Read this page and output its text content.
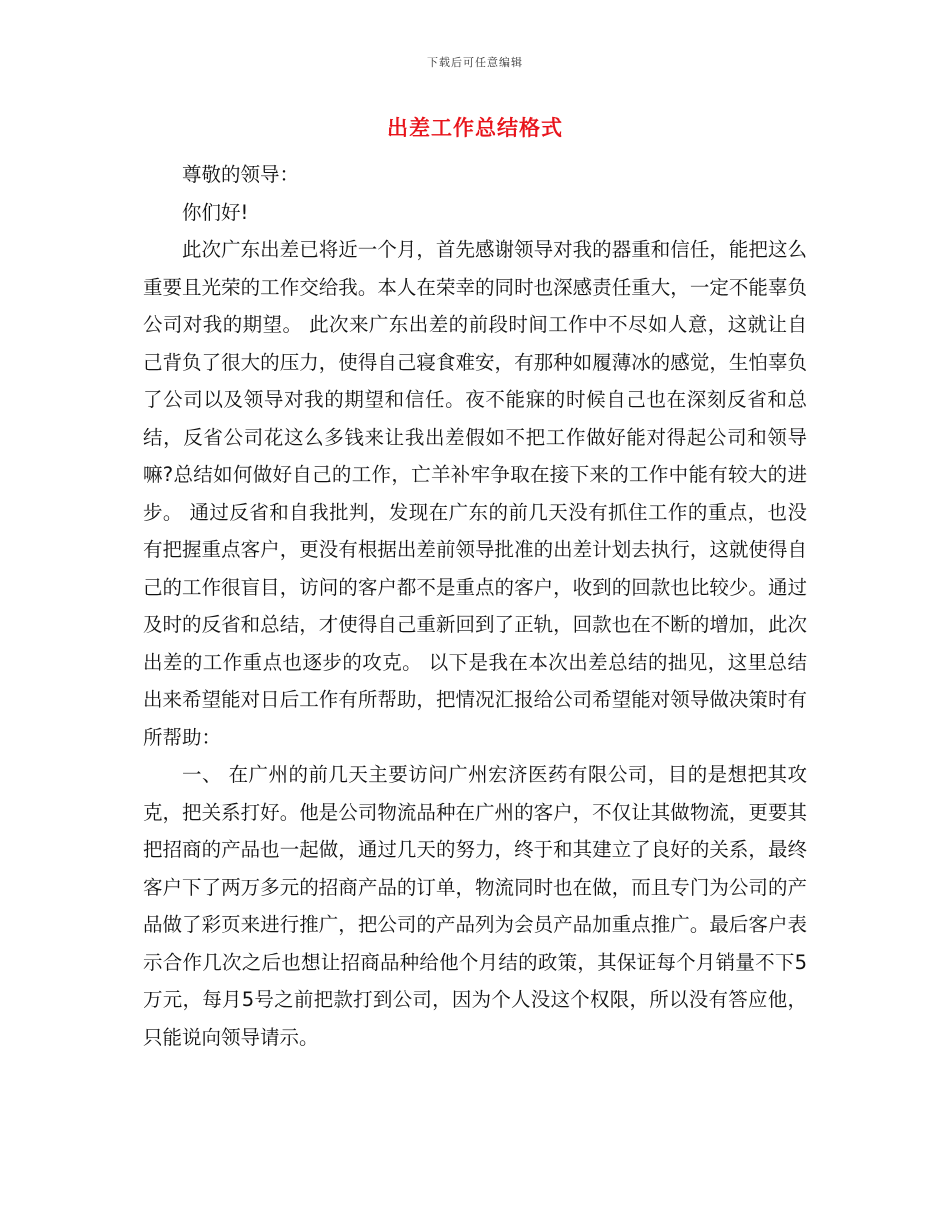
下载后可任意编辑
出差工作总结格式

尊敬的领导：

你们好!

此次广东出差已将近一个月，首先感谢领导对我的器重和信任，能把这么重要且光荣的工作交给我。本人在荣幸的同时也深感责任重大，一定不能辜负公司对我的期望。 此次来广东出差的前段时间工作中不尽如人意，这就让自己背负了很大的压力，使得自己寝食难安，有那种如履薄冰的感觉，生怕辜负了公司以及领导对我的期望和信任。夜不能寐的时候自己也在深刻反省和总结，反省公司花这么多钱来让我出差假如不把工作做好能对得起公司和领导嘛?总结如何做好自己的工作，亡羊补牢争取在接下来的工作中能有较大的进步。 通过反省和自我批判，发现在广东的前几天没有抓住工作的重点，也没有把握重点客户，更没有根据出差前领导批准的出差计划去执行，这就使得自己的工作很盲目，访问的客户都不是重点的客户，收到的回款也比较少。通过及时的反省和总结，才使得自己重新回到了正轨，回款也在不断的增加，此次出差的工作重点也逐步的攻克。 以下是我在本次出差总结的拙见，这里总结出来希望能对日后工作有所帮助，把情况汇报给公司希望能对领导做决策时有所帮助：

一、 在广州的前几天主要访问广州宏济医药有限公司，目的是想把其攻克，把关系打好。他是公司物流品种在广州的客户，不仅让其做物流，更要其把招商的产品也一起做，通过几天的努力，终于和其建立了良好的关系，最终客户下了两万多元的招商产品的订单，物流同时也在做，而且专门为公司的产品做了彩页来进行推广，把公司的产品列为会员产品加重点推广。最后客户表示合作几次之后也想让招商品种给他个月结的政策，其保证每个月销量不下5万元，每月5号之前把款打到公司，因为个人没这个权限，所以没有答应他，只能说向领导请示。
